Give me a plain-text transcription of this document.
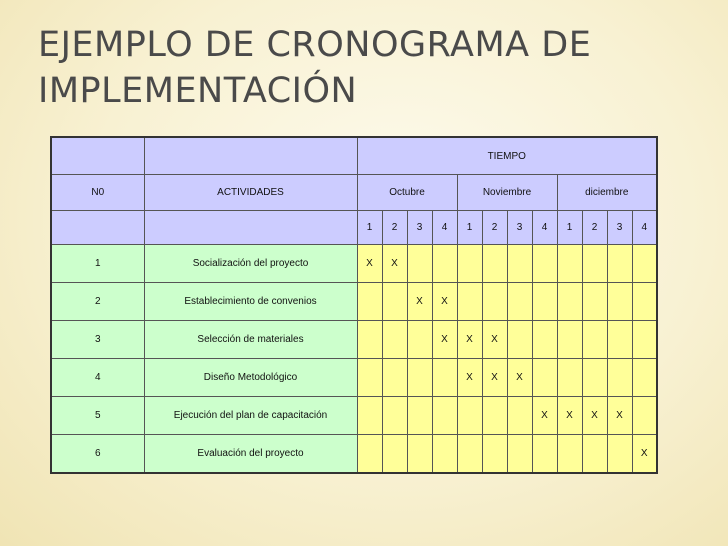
EJEMPLO DE CRONOGRAMA DE
IMPLEMENTACIÓN
		TIEMPO											
N0	ACTIVIDADES	Octubre				Noviembre				diciembre			
		1	2	3	4	1	2	3	4	1	2	3	4
1	Socialización del proyecto	X	X										
2	Establecimiento de convenios			X	X								
3	Selección de materiales				X	X	X						
4	Diseño Metodológico					X	X	X					
5	Ejecución del plan de capacitación								X	X	X	X	
6	Evaluación del proyecto												X
